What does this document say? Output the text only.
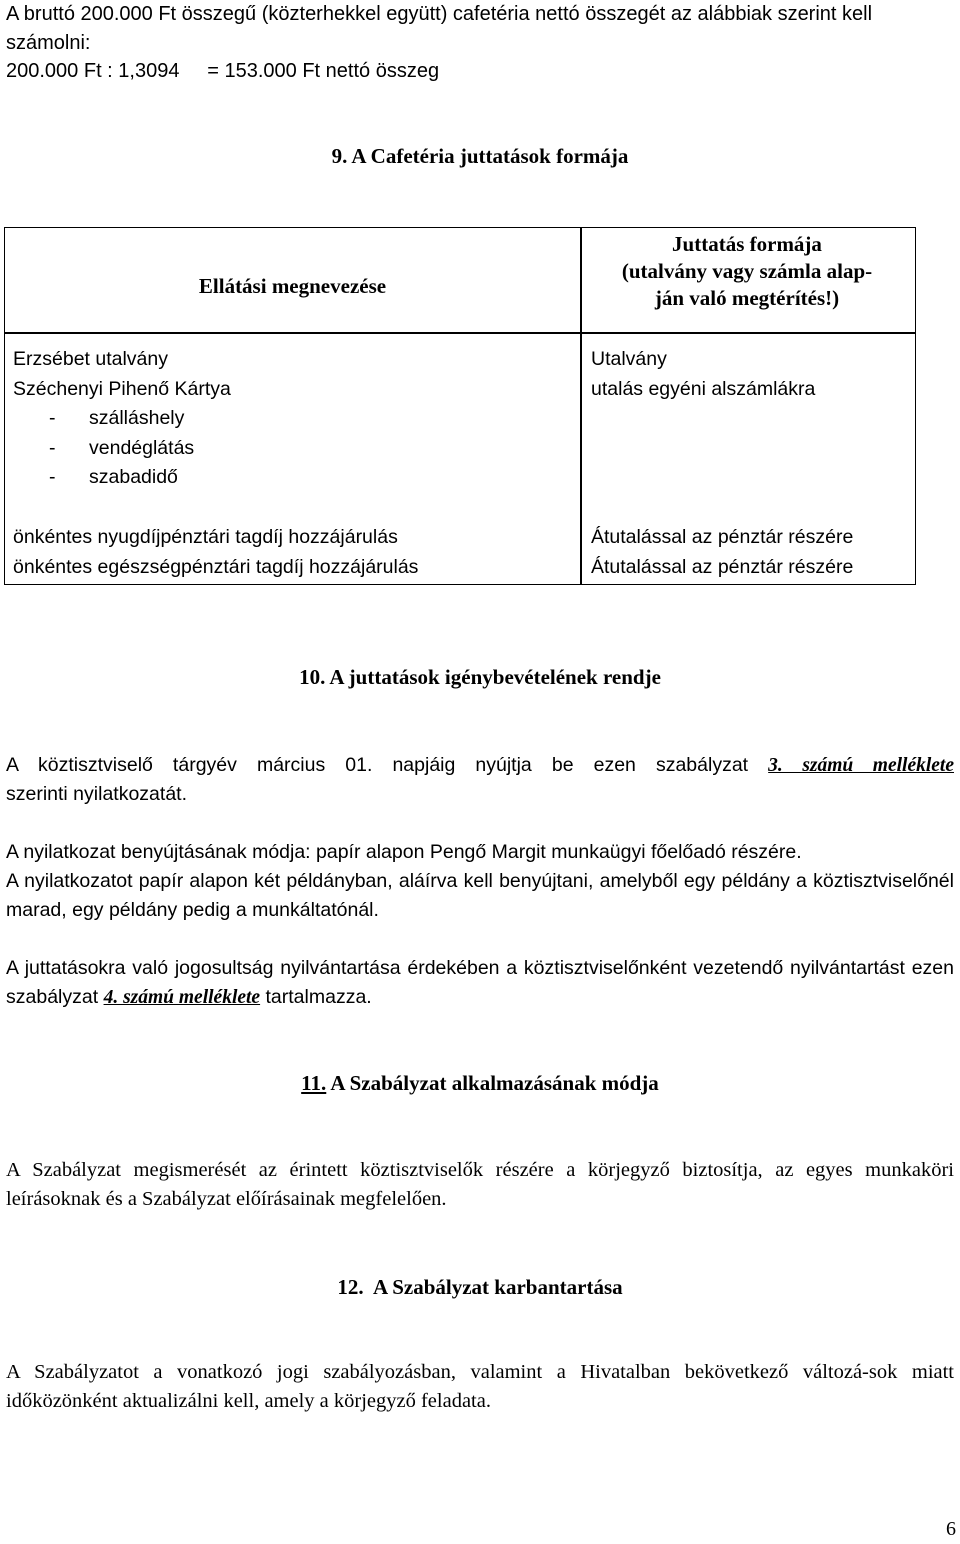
A bruttó 200.000 Ft összegű (közterhekkel együtt) cafetéria nettó összegét az alábbiak szerint kell számolni:
200.000 Ft : 1,3094     = 153.000 Ft nettó összeg
9. A Cafetéria juttatások formája
Ellátási megnevezése
Juttatás formája
(utalvány vagy számla alap-
ján való megtérítés!)
Erzsébet utalvány
Széchenyi Pihenő Kártya
- szálláshely
- vendéglátás
- szabadidő
Utalvány
utalás egyéni alszámlákra
önkéntes nyugdíjpénztári tagdíj hozzájárulás
önkéntes egészségpénztári tagdíj hozzájárulás
Átutalással az pénztár részére
Átutalással az pénztár részére
10. A juttatások igénybevételének rendje
A köztisztviselő tárgyév március 01. napjáig nyújtja be ezen szabályzat 3. számú melléklete
szerinti nyilatkozatát.
A nyilatkozat benyújtásának módja: papír alapon Pengő Margit munkaügyi főelőadó részére.
A nyilatkozatot papír alapon két példányban, aláírva kell benyújtani, amelyből egy példány a köztisztviselőnél marad, egy példány pedig a munkáltatónál.
A juttatásokra való jogosultság nyilvántartása érdekében a köztisztviselőnként vezetendő nyilvántartást ezen szabályzat 4. számú melléklete tartalmazza.
11. A Szabályzat alkalmazásának módja
A Szabályzat megismerését az érintett köztisztviselők részére a körjegyző biztosítja, az egyes munkaköri leírásoknak és a Szabályzat előírásainak megfelelően.
12.  A Szabályzat karbantartása
A Szabályzatot a vonatkozó jogi szabályozásban, valamint a Hivatalban bekövetkező változá-sok miatt időközönként aktualizálni kell, amely a körjegyző feladata.
6
